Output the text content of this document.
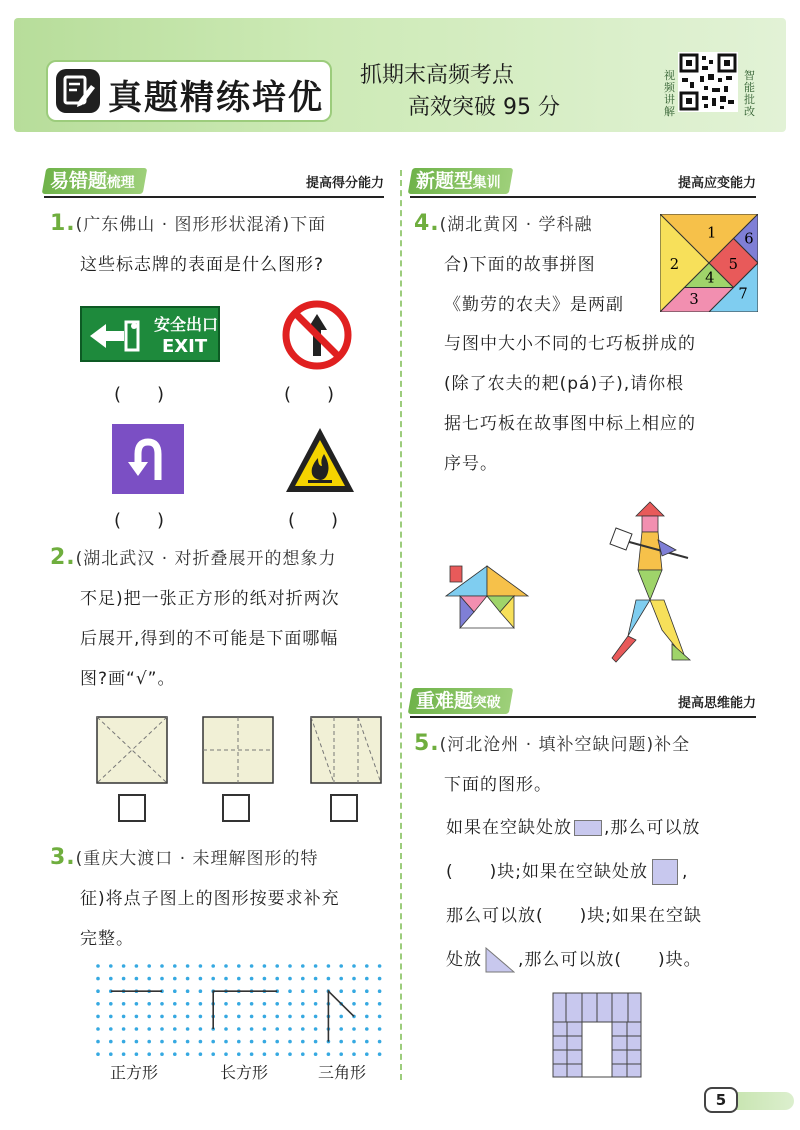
真题精练培优
抓期末高频考点
高效突破 95 分
视频讲解
智能批改
易错题梳理	提高得分能力	新题型集训	提高应变能力
1.(广东佛山 · 图形形状混淆)下面
这些标志牌的表面是什么图形?
安全出口
EXIT
(　　)	(　　)
(　　)	(　　)
2.(湖北武汉 · 对折叠展开的想象力
不足)把一张正方形的纸对折两次
后展开,得到的不可能是下面哪幅
图?画“√”。
3.(重庆大渡口 · 未理解图形的特
征)将点子图上的图形按要求补充
完整。
正方形	长方形	三角形
4.(湖北黄冈 · 学科融
合)下面的故事拼图
《勤劳的农夫》是两副
与图中大小不同的七巧板拼成的
(除了农夫的耙(pá)子),请你根
据七巧板在故事图中标上相应的
序号。
1
2
3
4
5
6
7
重难题突破	提高思维能力
5.(河北沧州 · 填补空缺问题)补全
下面的图形。
如果在空缺处放 ,那么可以放
(　　)块;如果在空缺处放 ,
那么可以放(　　)块;如果在空缺
处放 ,那么可以放(　　)块。
5
